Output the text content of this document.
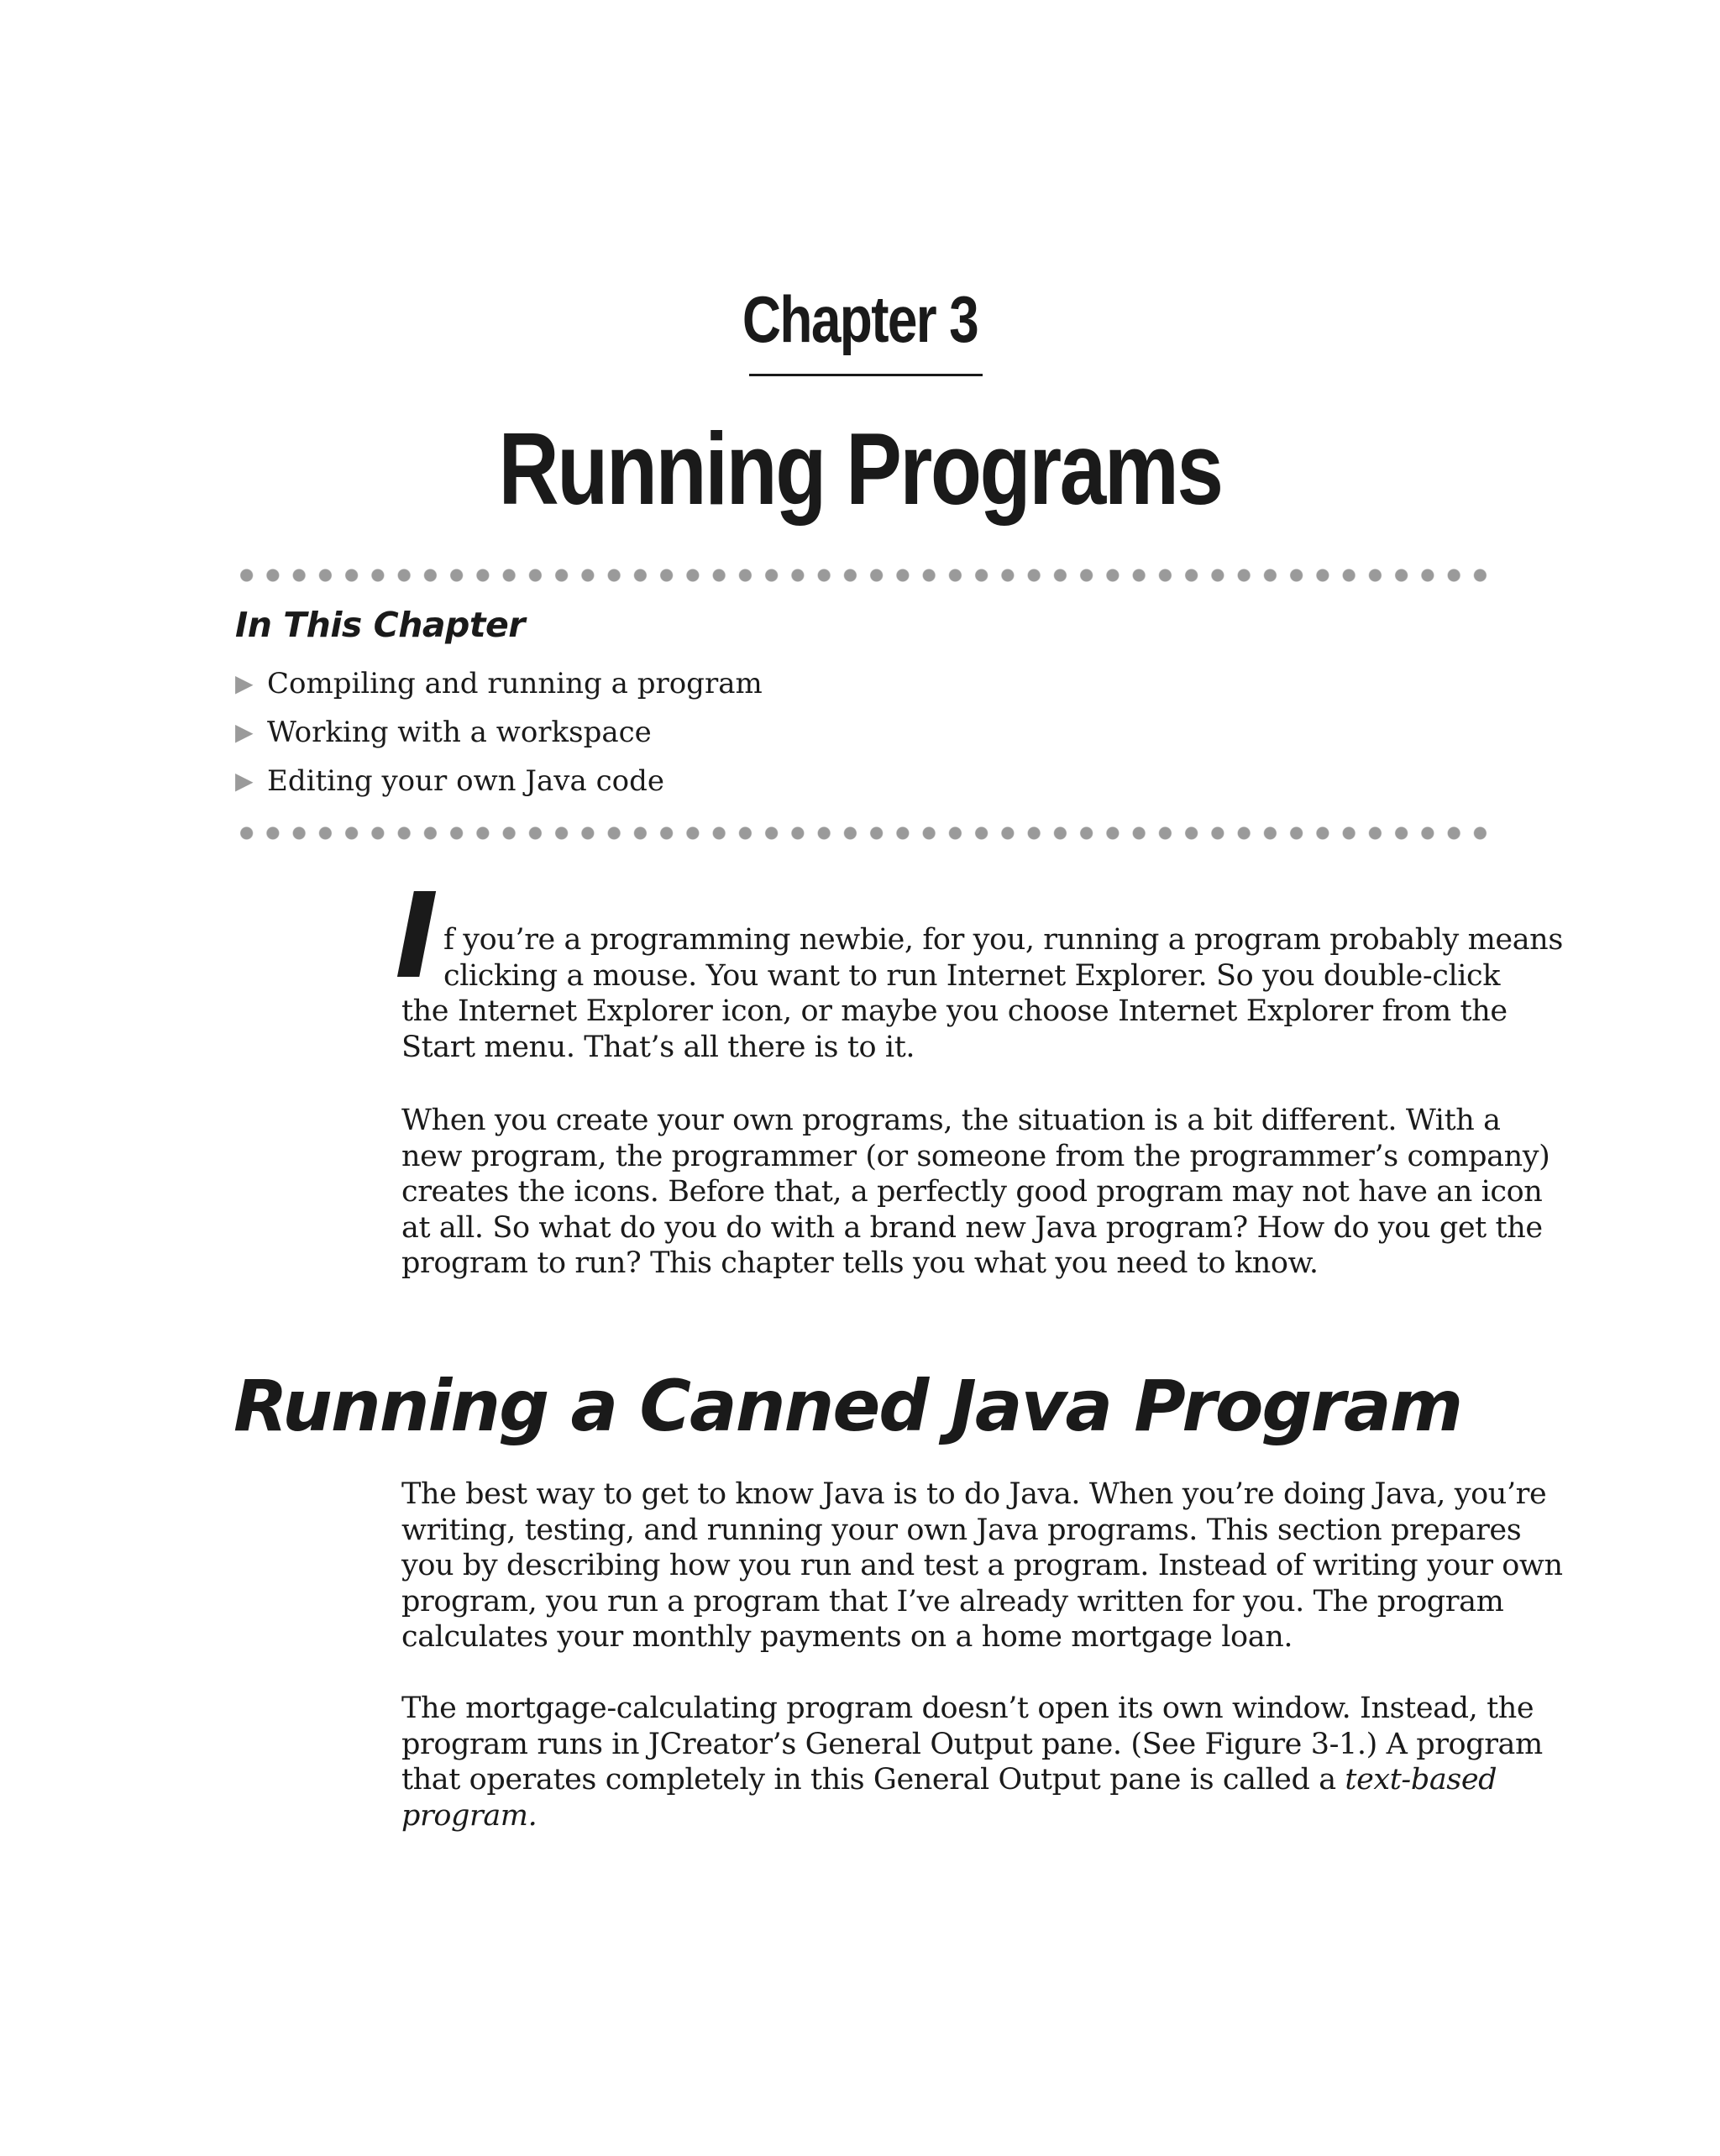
Chapter 3
Running Programs
In This Chapter
▶ Compiling and running a program
▶ Working with a workspace
▶ Editing your own Java code
I f you’re a programming newbie, for you, running a program probably means
clicking a mouse. You want to run Internet Explorer. So you double-click
the Internet Explorer icon, or maybe you choose Internet Explorer from the
Start menu. That’s all there is to it.
When you create your own programs, the situation is a bit different. With a
new program, the programmer (or someone from the programmer’s company)
creates the icons. Before that, a perfectly good program may not have an icon
at all. So what do you do with a brand new Java program? How do you get the
program to run? This chapter tells you what you need to know.
Running a Canned Java Program
The best way to get to know Java is to do Java. When you’re doing Java, you’re
writing, testing, and running your own Java programs. This section prepares
you by describing how you run and test a program. Instead of writing your own
program, you run a program that I’ve already written for you. The program
calculates your monthly payments on a home mortgage loan.
The mortgage-calculating program doesn’t open its own window. Instead, the
program runs in JCreator’s General Output pane. (See Figure 3-1.) A program
that operates completely in this General Output pane is called a text-based
program.
